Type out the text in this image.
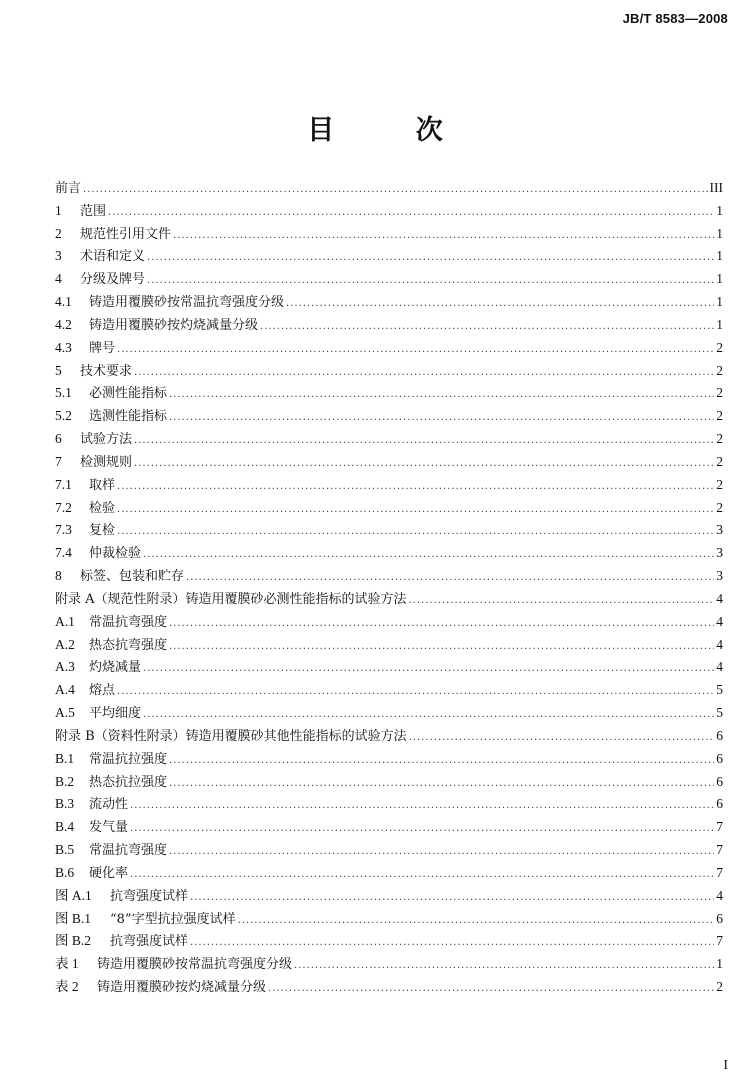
JB/T 8583—2008
目 次
前言 .....	III
1	范围 .....	1
2	规范性引用文件 .....	1
3	术语和定义 .....	1
4	分级及牌号 .....	1
4.1	铸造用覆膜砂按常温抗弯强度分级 .....	1
4.2	铸造用覆膜砂按灼烧减量分级 .....	1
4.3	牌号 .....	2
5	技术要求 .....	2
5.1	必测性能指标 .....	2
5.2	选测性能指标 .....	2
6	试验方法 .....	2
7	检测规则 .....	2
7.1	取样 .....	2
7.2	检验 .....	2
7.3	复检 .....	3
7.4	仲裁检验 .....	3
8	标签、包装和贮存 .....	3
附录 A（规范性附录）铸造用覆膜砂必测性能指标的试验方法 .....	4
A.1	常温抗弯强度 .....	4
A.2	热态抗弯强度 .....	4
A.3	灼烧减量 .....	4
A.4	熔点 .....	5
A.5	平均细度 .....	5
附录 B（资料性附录）铸造用覆膜砂其他性能指标的试验方法 .....	6
B.1	常温抗拉强度 .....	6
B.2	热态抗拉强度 .....	6
B.3	流动性 .....	6
B.4	发气量 .....	7
B.5	常温抗弯强度 .....	7
B.6	硬化率 .....	7
图 A.1	抗弯强度试样 .....	4
图 B.1	“8”字型抗拉强度试样 .....	6
图 B.2	抗弯强度试样 .....	7
表 1	铸造用覆膜砂按常温抗弯强度分级 .....	1
表 2	铸造用覆膜砂按灼烧减量分级 .....	2
I
